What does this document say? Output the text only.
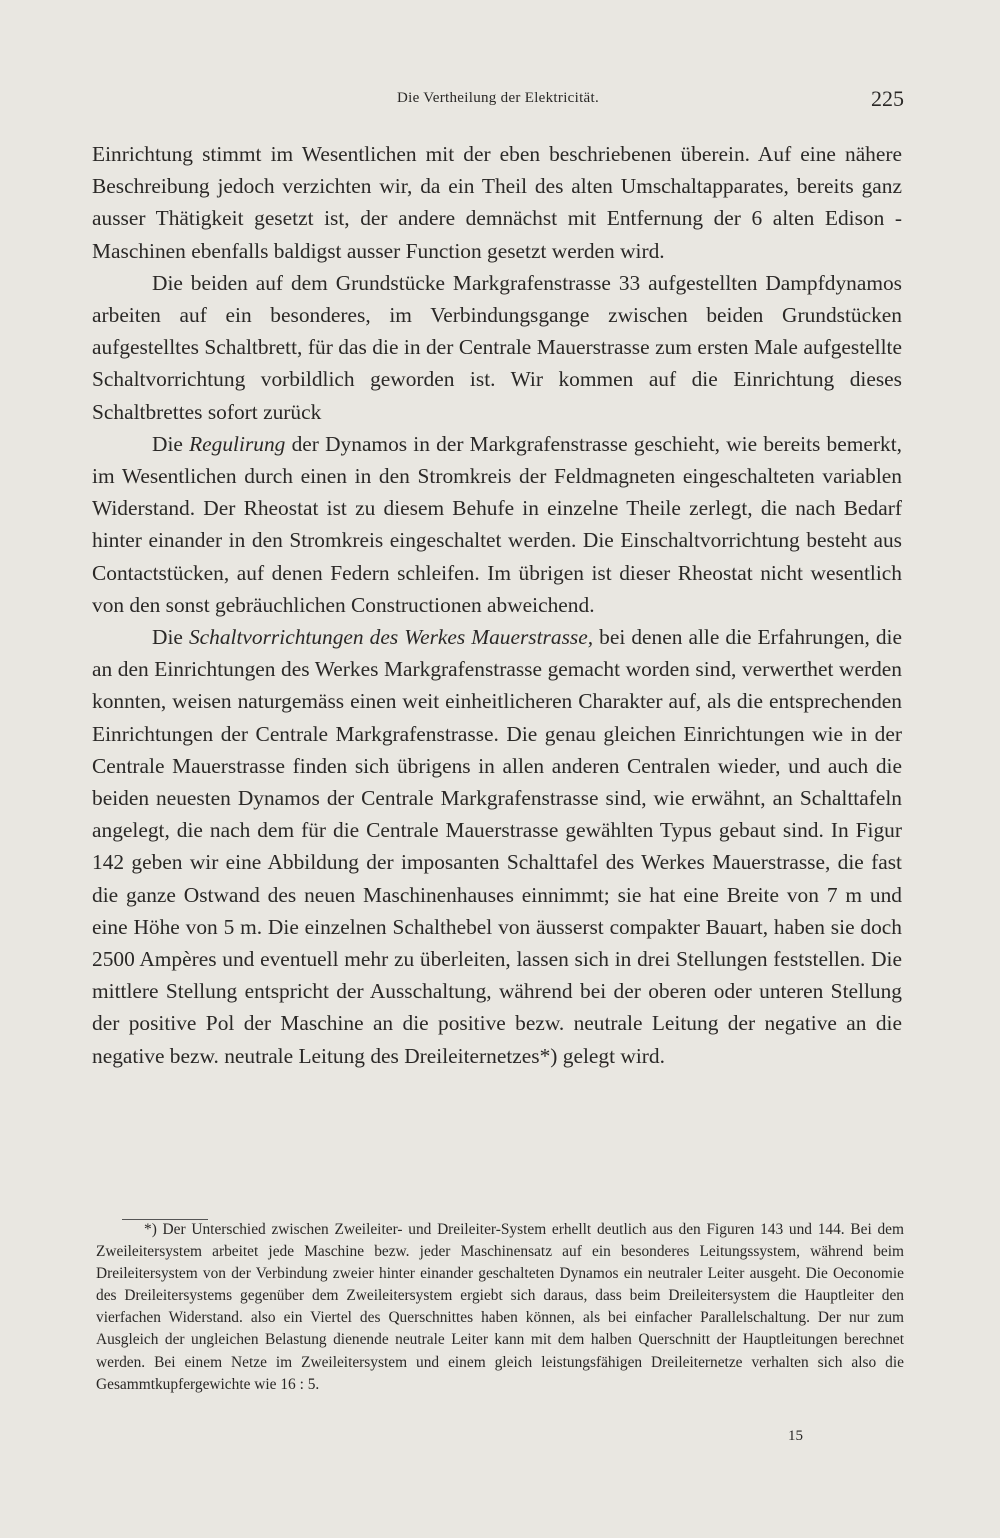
Die Vertheilung der Elektricität.	225

Einrichtung stimmt im Wesentlichen mit der eben beschriebenen überein. Auf eine nähere Beschreibung jedoch verzichten wir, da ein Theil des alten Umschaltapparates, bereits ganz ausser Thätigkeit gesetzt ist, der andere demnächst mit Entfernung der 6 alten Edison - Maschinen ebenfalls baldigst ausser Function gesetzt werden wird.

Die beiden auf dem Grundstücke Markgrafenstrasse 33 aufgestellten Dampfdynamos arbeiten auf ein besonderes, im Verbindungsgange zwischen beiden Grundstücken aufgestelltes Schaltbrett, für das die in der Centrale Mauerstrasse zum ersten Male aufgestellte Schaltvorrichtung vorbildlich geworden ist. Wir kommen auf die Einrichtung dieses Schaltbrettes sofort zurück

Die Regulirung der Dynamos in der Markgrafenstrasse geschieht, wie bereits bemerkt, im Wesentlichen durch einen in den Stromkreis der Feldmagneten eingeschalteten variablen Widerstand. Der Rheostat ist zu diesem Behufe in einzelne Theile zerlegt, die nach Bedarf hinter einander in den Stromkreis eingeschaltet werden. Die Einschaltvorrichtung besteht aus Contactstücken, auf denen Federn schleifen. Im übrigen ist dieser Rheostat nicht wesentlich von den sonst gebräuchlichen Constructionen abweichend.

Die Schaltvorrichtungen des Werkes Mauerstrasse, bei denen alle die Erfahrungen, die an den Einrichtungen des Werkes Markgrafenstrasse gemacht worden sind, verwerthet werden konnten, weisen naturgemäss einen weit einheitlicheren Charakter auf, als die entsprechenden Einrichtungen der Centrale Markgrafenstrasse. Die genau gleichen Einrichtungen wie in der Centrale Mauerstrasse finden sich übrigens in allen anderen Centralen wieder, und auch die beiden neuesten Dynamos der Centrale Markgrafenstrasse sind, wie erwähnt, an Schalttafeln angelegt, die nach dem für die Centrale Mauerstrasse gewählten Typus gebaut sind. In Figur 142 geben wir eine Abbildung der imposanten Schalttafel des Werkes Mauerstrasse, die fast die ganze Ostwand des neuen Maschinenhauses einnimmt; sie hat eine Breite von 7 m und eine Höhe von 5 m. Die einzelnen Schalthebel von äusserst compakter Bauart, haben sie doch 2500 Ampères und eventuell mehr zu überleiten, lassen sich in drei Stellungen feststellen. Die mittlere Stellung entspricht der Ausschaltung, während bei der oberen oder unteren Stellung der positive Pol der Maschine an die positive bezw. neutrale Leitung der negative an die negative bezw. neutrale Leitung des Dreileiternetzes*) gelegt wird.

*) Der Unterschied zwischen Zweileiter- und Dreileiter-System erhellt deutlich aus den Figuren 143 und 144. Bei dem Zweileitersystem arbeitet jede Maschine bezw. jeder Maschinensatz auf ein besonderes Leitungssystem, während beim Dreileitersystem von der Verbindung zweier hinter einander geschalteten Dynamos ein neutraler Leiter ausgeht. Die Oeconomie des Dreileitersystems gegenüber dem Zweileitersystem ergiebt sich daraus, dass beim Dreileitersystem die Hauptleiter den vierfachen Widerstand. also ein Viertel des Querschnittes haben können, als bei einfacher Parallelschaltung. Der nur zum Ausgleich der ungleichen Belastung dienende neutrale Leiter kann mit dem halben Querschnitt der Hauptleitungen berechnet werden. Bei einem Netze im Zweileitersystem und einem gleich leistungsfähigen Dreileiternetze verhalten sich also die Gesammtkupfergewichte wie 16 : 5.

15
